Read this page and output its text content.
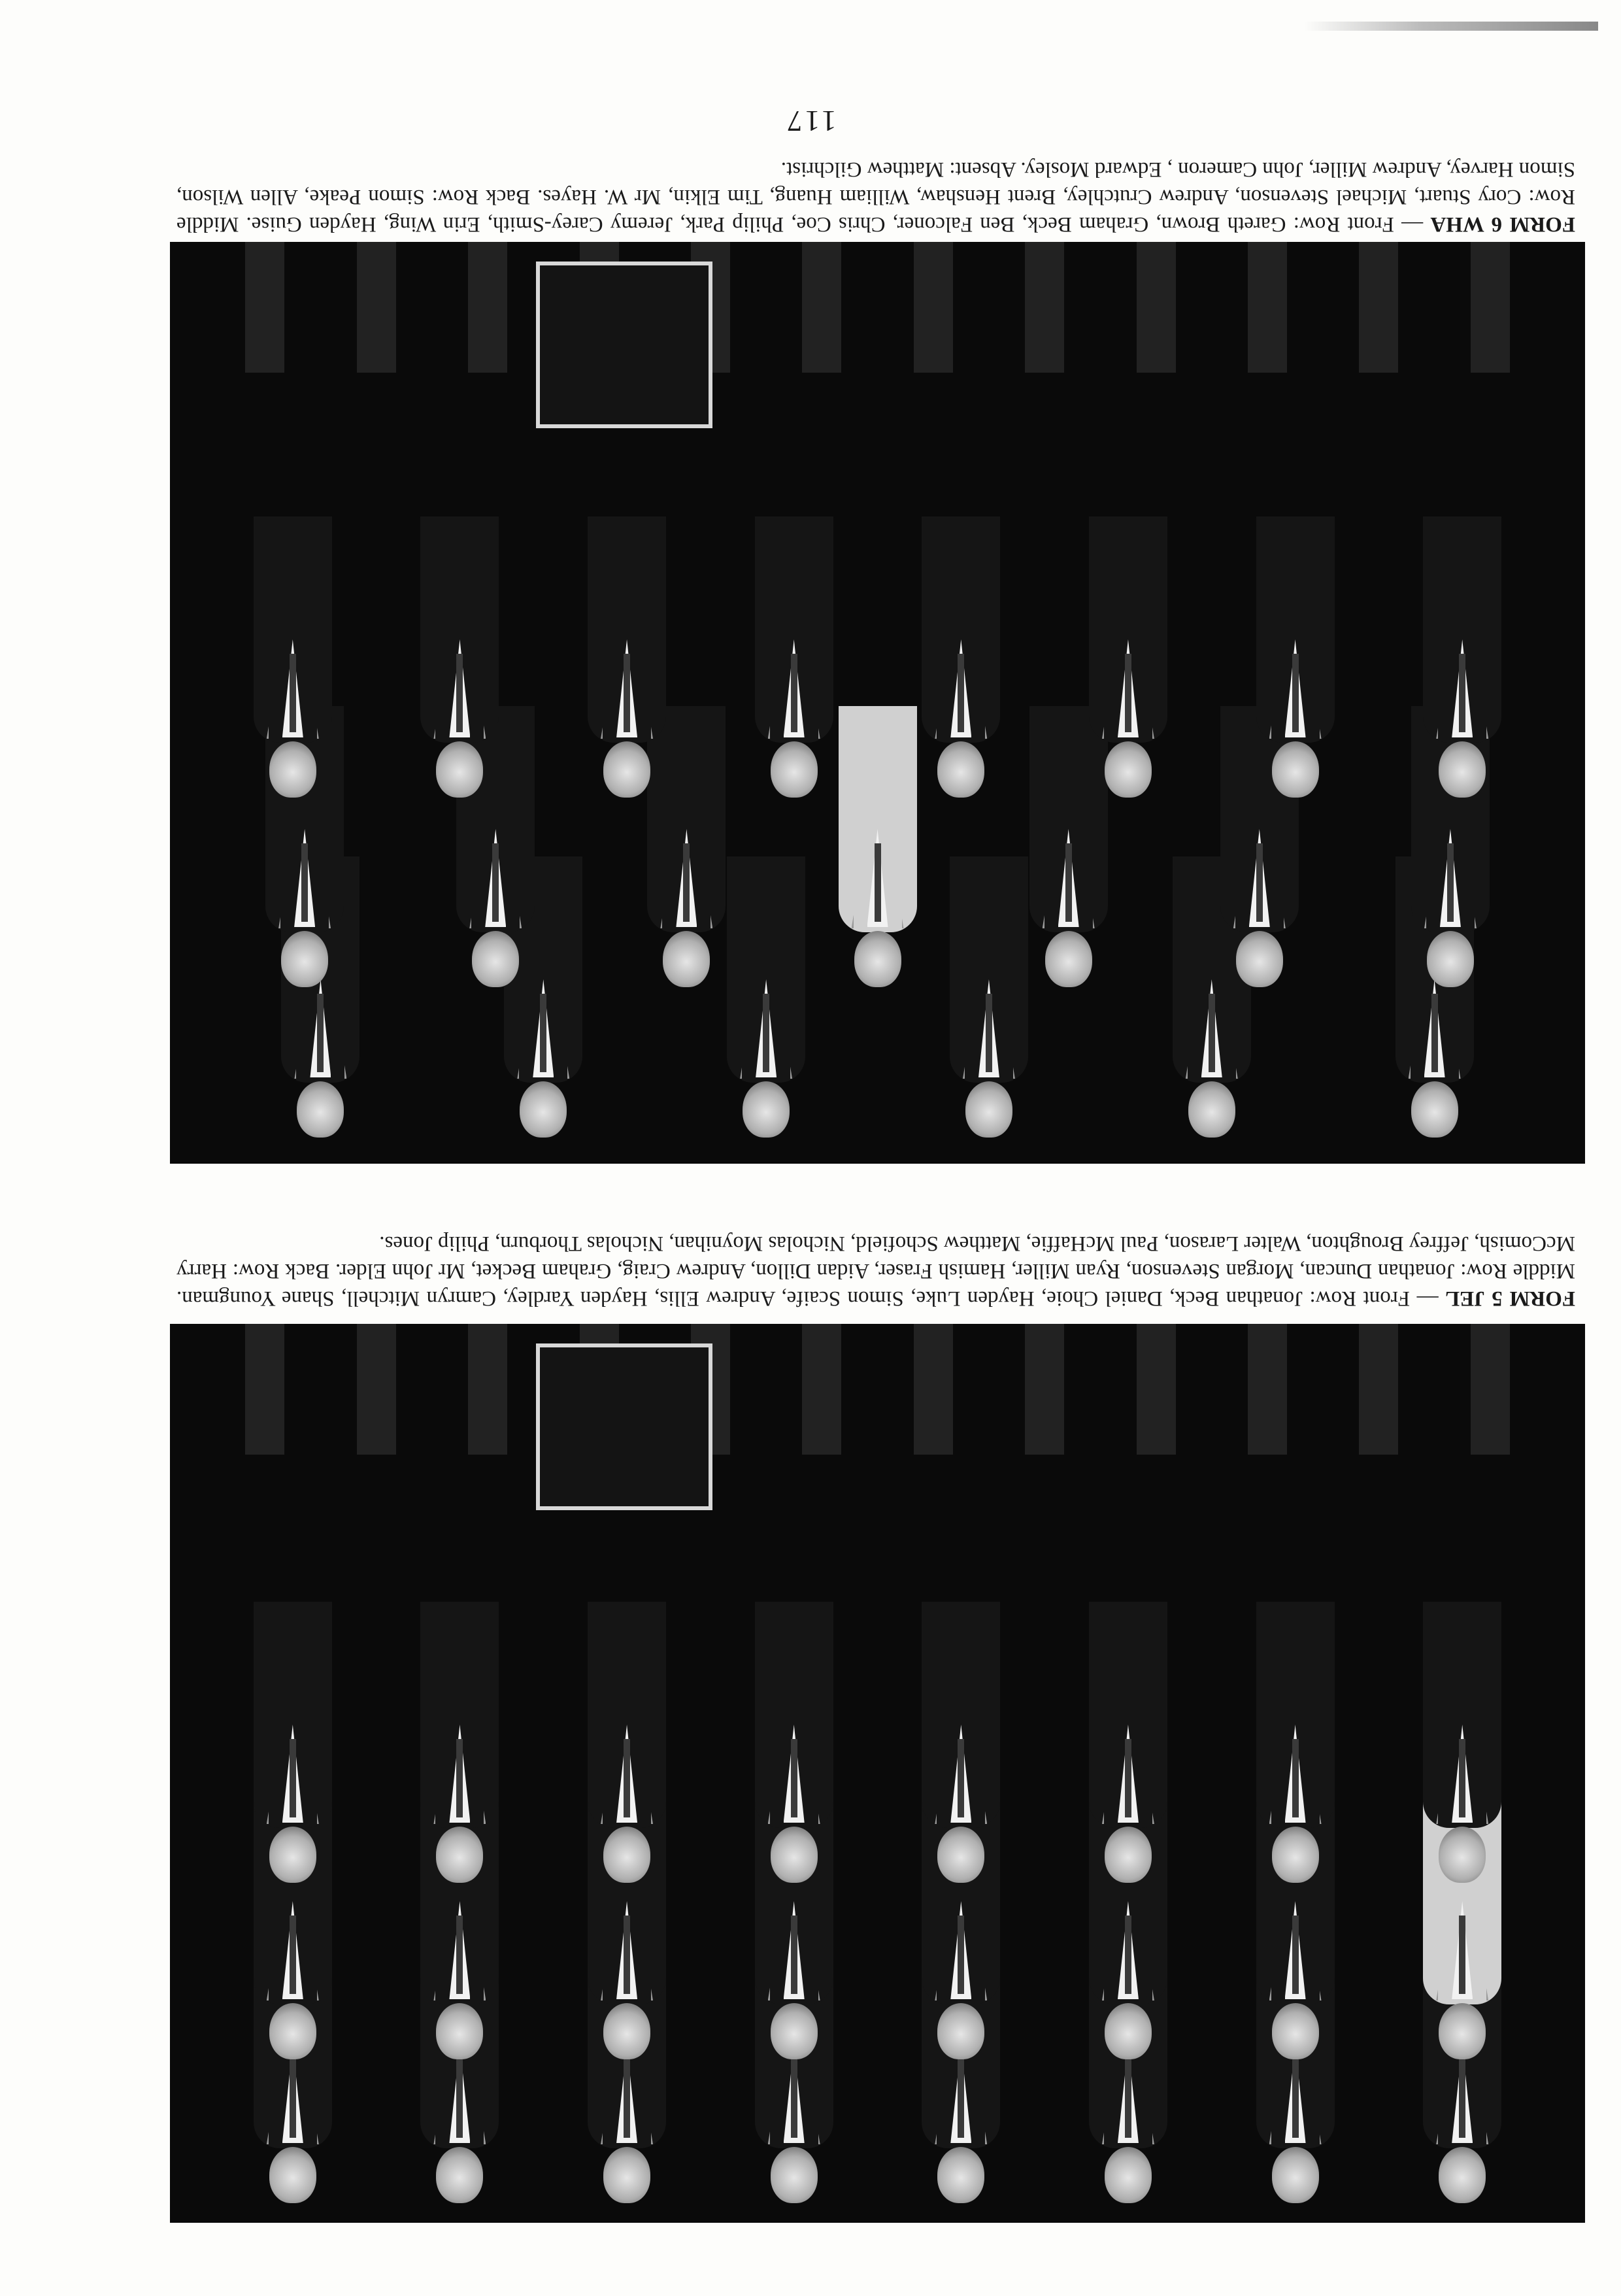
117
FORM 6 WHA — Front Row: Gareth Brown, Graham Beck, Ben Falconer, Chris Coe, Philip Park, Jeremy Carey-Smith, Erin Wing, Hayden Guise. Middle Row: Cory Stuart, Michael Stevenson, Andrew Crutchley, Brent Henshaw, William Huang, Tim Elkin, Mr W. Hayes. Back Row: Simon Peake, Allen Wilson, Simon Harvey, Andrew Miller, John Cameron , Edward Mosley. Absent: Matthew Gilchrist.
FORM 5 JEL — Front Row: Jonathan Beck, Daniel Choie, Hayden Luke, Simon Scaife, Andrew Ellis, Hayden Yardley, Camryn Mitchell, Shane Youngman. Middle Row: Jonathan Duncan, Morgan Stevenson, Ryan Miller, Hamish Fraser, Aidan Dillon, Andrew Craig, Graham Becket, Mr John Elder. Back Row: Harry McComish, Jeffrey Broughton, Walter Larason, Paul McHaffie, Matthew Schofield, Nicholas Moynihan, Nicholas Thorburn, Philip Jones.
